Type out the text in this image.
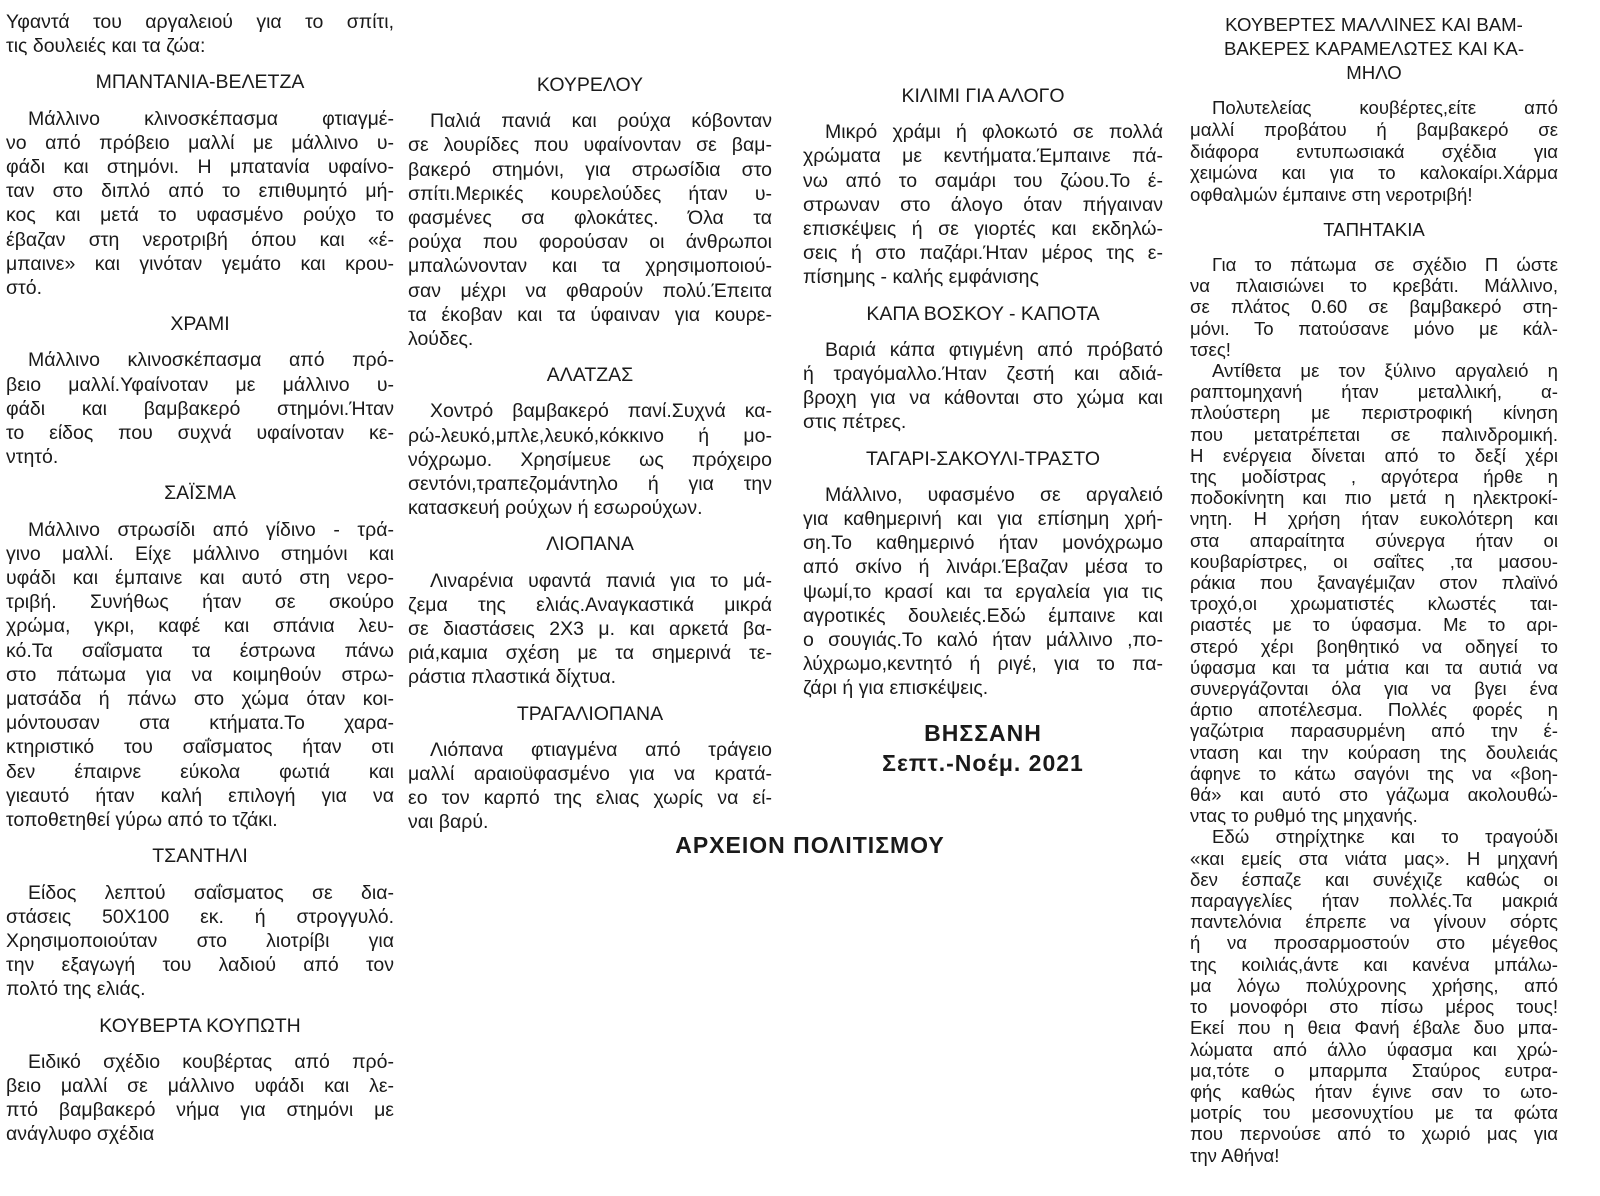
Υφαντά του αργαλειού για το σπίτι,
τις δουλειές και τα ζώα:
ΜΠΑΝΤΑΝΙΑ-ΒΕΛΕΤΖΑ
Μάλλινο κλινοσκέπασμα φτιαγμέ-
νο από πρόβειο μαλλί με μάλλινο υ-
φάδι και στημόνι. Η μπατανία υφαίνο-
ταν στο διπλό από το επιθυμητό μή-
κος και μετά το υφασμένο ρούχο το
έβαζαν στη νεροτριβή όπου και «έ-
μπαινε» και γινόταν γεμάτο και κρου-
στό.
ΧΡΑΜΙ
Μάλλινο κλινοσκέπασμα από πρό-
βειο μαλλί.Υφαίνοταν με μάλλινο υ-
φάδι και βαμβακερό στημόνι.Ήταν
το είδος που συχνά υφαίνοταν κε-
ντητό.
ΣΑΪΣΜΑ
Μάλλινο στρωσίδι από γίδινο - τρά-
γινο μαλλί. Είχε μάλλινο στημόνι και
υφάδι και έμπαινε και αυτό στη νερο-
τριβή. Συνήθως ήταν σε σκούρο
χρώμα, γκρι, καφέ και σπάνια λευ-
κό.Τα σαΐσματα τα έστρωνα πάνω
στο πάτωμα για να κοιμηθούν στρω-
ματσάδα ή πάνω στο χώμα όταν κοι-
μόντουσαν στα κτήματα.Το χαρα-
κτηριστικό του σαΐσματος ήταν οτι
δεν έπαιρνε εύκολα φωτιά και
γιεαυτό ήταν καλή επιλογή για να
τοποθετηθεί γύρω από το τζάκι.
ΤΣΑΝΤΗΛΙ
Είδος λεπτού σαΐσματος σε δια-
στάσεις 50Χ100 εκ. ή στρογγυλό.
Χρησιμοποιούταν στο λιοτρίβι για
την εξαγωγή του λαδιού από τον
πολτό της ελιάς.
ΚΟΥΒΕΡΤΑ ΚΟΥΠΩΤΗ
Ειδικό σχέδιο κουβέρτας από πρό-
βειο μαλλί σε μάλλινο υφάδι και λε-
πτό βαμβακερό νήμα για στημόνι με
ανάγλυφο σχέδια
ΚΟΥΡΕΛΟΥ
Παλιά πανιά και ρούχα κόβονταν
σε λουρίδες που υφαίνονταν σε βαμ-
βακερό στημόνι, για στρωσίδια στο
σπίτι.Μερικές κουρελούδες ήταν υ-
φασμένες σα φλοκάτες. Όλα τα
ρούχα που φορούσαν οι άνθρωποι
μπαλώνονταν και τα χρησιμοποιού-
σαν μέχρι να φθαρούν πολύ.Έπειτα
τα έκοβαν και τα ύφαιναν για κουρε-
λούδες.
ΑΛΑΤΖΑΣ
Χοντρό βαμβακερό πανί.Συχνά κα-
ρώ-λευκό,μπλε,λευκό,κόκκινο ή μο-
νόχρωμο. Χρησίμευε ως πρόχειρο
σεντόνι,τραπεζομάντηλο ή για την
κατασκευή ρούχων ή εσωρούχων.
ΛΙΟΠΑΝΑ
Λιναρένια υφαντά πανιά για το μά-
ζεμα της ελιάς.Αναγκαστικά μικρά
σε διαστάσεις 2Χ3 μ. και αρκετά βα-
ριά,καμια σχέση με τα σημερινά τε-
ράστια πλαστικά δίχτυα.
ΤΡΑΓΑΛΙΟΠΑΝΑ
Λιόπανα φτιαγμένα από τράγειο
μαλλί αραιοϋφασμένο για να κρατά-
εο τον καρπό της ελιας χωρίς να εί-
ναι βαρύ.
ΚΙΛΙΜΙ ΓΙΑ ΑΛΟΓΟ
Μικρό χράμι ή φλοκωτό σε πολλά
χρώματα με κεντήματα.Έμπαινε πά-
νω από το σαμάρι του ζώου.Το έ-
στρωναν στο άλογο όταν πήγαιναν
επισκέψεις ή σε γιορτές και εκδηλώ-
σεις ή στο παζάρι.Ήταν μέρος της ε-
πίσημης - καλής εμφάνισης
ΚΑΠΑ ΒΟΣΚΟΥ - ΚΑΠΟΤΑ
Βαριά κάπα φτιγμένη από πρόβατό
ή τραγόμαλλο.Ήταν ζεστή και αδιά-
βροχη για να κάθονται στο χώμα και
στις πέτρες.
ΤΑΓΑΡΙ-ΣΑΚΟΥΛΙ-ΤΡΑΣΤΟ
Μάλλινο, υφασμένο σε αργαλειό
για καθημερινή και για επίσημη χρή-
ση.Το καθημερινό ήταν μονόχρωμο
από σκίνο ή λινάρι.Έβαζαν μέσα το
ψωμί,το κρασί και τα εργαλεία για τις
αγροτικές δουλειές.Εδώ έμπαινε και
ο σουγιάς.Το καλό ήταν μάλλινο ,πο-
λύχρωμο,κεντητό ή ριγέ, για το πα-
ζάρι ή για επισκέψεις.
ΚΟΥΒΕΡΤΕΣ ΜΑΛΛΙΝΕΣ ΚΑΙ ΒΑΜ-
ΒΑΚΕΡΕΣ ΚΑΡΑΜΕΛΩΤΕΣ ΚΑΙ ΚΑ-
ΜΗΛΟ
Πολυτελείας κουβέρτες,είτε από
μαλλί προβάτου ή βαμβακερό σε
διάφορα εντυπωσιακά σχέδια για
χειμώνα και για το καλοκαίρι.Χάρμα
οφθαλμών έμπαινε στη νεροτριβή!
ΤΑΠΗΤΑΚΙΑ
Για το πάτωμα σε σχέδιο Π ώστε
να πλαισιώνει το κρεβάτι. Μάλλινο,
σε πλάτος 0.60 σε βαμβακερό στη-
μόνι. Το πατούσανε μόνο με κάλ-
τσες!
Αντίθετα με τον ξύλινο αργαλειό η
ραπτομηχανή ήταν μεταλλική, α-
πλούστερη με περιστροφική κίνηση
που μετατρέπεται σε παλινδρομική.
Η ενέργεια δίνεται από το δεξί χέρι
της μοδίστρας , αργότερα ήρθε η
ποδοκίνητη και πιο μετά η ηλεκτροκί-
νητη. Η χρήση ήταν ευκολότερη και
στα απαραίτητα σύνεργα ήταν οι
κουβαρίστρες, οι σαΐτες ,τα μασου-
ράκια που ξαναγέμιζαν στον πλαϊνό
τροχό,οι χρωματιστές κλωστές ται-
ριαστές με το ύφασμα. Με το αρι-
στερό χέρι βοηθητικό να οδηγεί το
ύφασμα και τα μάτια και τα αυτιά να
συνεργάζονται όλα για να βγει ένα
άρτιο αποτέλεσμα. Πολλές φορές η
γαζώτρια παρασυρμένη από την έ-
νταση και την κούραση της δουλειάς
άφηνε το κάτω σαγόνι της να «βοη-
θά» και αυτό στο γάζωμα ακολουθώ-
ντας το ρυθμό της μηχανής.
Εδώ στηρίχτηκε και το τραγούδι
«και εμείς στα νιάτα μας». Η μηχανή
δεν έσπαζε και συνέχιζε καθώς οι
παραγγελίες ήταν πολλές.Τα μακριά
παντελόνια έπρεπε να γίνουν σόρτς
ή να προσαρμοστούν στο μέγεθος
της κοιλιάς,άντε και κανένα μπάλω-
μα λόγω πολύχρονης χρήσης, από
το μονοφόρι στο πίσω μέρος τους!
Εκεί που η θεια Φανή έβαλε δυο μπα-
λώματα από άλλο ύφασμα και χρώ-
μα,τότε ο μπαρμπα Σταύρος ευτρα-
φής καθώς ήταν έγινε σαν το ωτο-
μοτρίς του μεσονυχτίου με τα φώτα
που περνούσε από το χωριό μας για
την Αθήνα!
ΒΗΣΣΑΝΗ
Σεπτ.-Νοέμ. 2021
ΑΡΧΕΙΟΝ ΠΟΛΙΤΙΣΜΟΥ
